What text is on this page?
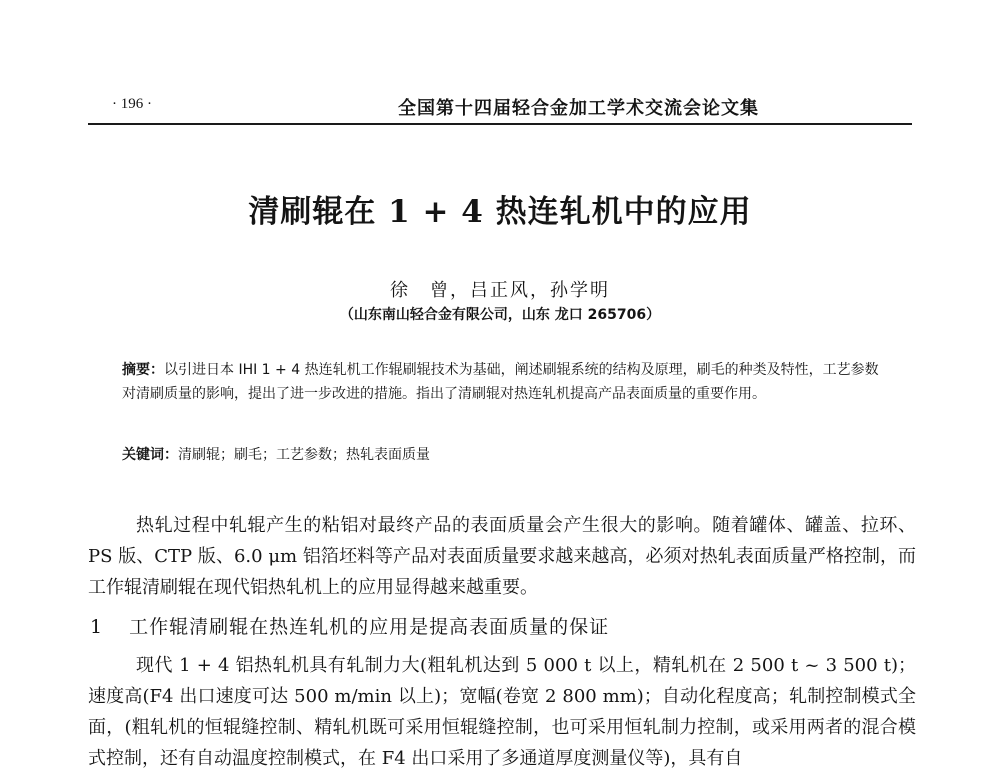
· 196 ·	全国第十四届轻合金加工学术交流会论文集
清刷辊在 1 + 4 热连轧机中的应用
徐　曾，吕正风，孙学明
（山东南山轻合金有限公司，山东 龙口 265706）
摘要：以引进日本 IHI 1 + 4 热连轧机工作辊刷辊技术为基础，阐述刷辊系统的结构及原理，刷毛的种类及特性，工艺参数对清刷质量的影响，提出了进一步改进的措施。指出了清刷辊对热连轧机提高产品表面质量的重要作用。
关键词：清刷辊；刷毛；工艺参数；热轧表面质量
热轧过程中轧辊产生的粘铝对最终产品的表面质量会产生很大的影响。随着罐体、罐盖、拉环、PS 版、CTP 版、6.0 μm 铝箔坯料等产品对表面质量要求越来越高，必须对热轧表面质量严格控制，而工作辊清刷辊在现代铝热轧机上的应用显得越来越重要。
1 工作辊清刷辊在热连轧机的应用是提高表面质量的保证
现代 1 + 4 铝热轧机具有轧制力大(粗轧机达到 5 000 t 以上，精轧机在 2 500 t ~ 3 500 t)；速度高(F4 出口速度可达 500 m/min 以上)；宽幅(卷宽 2 800 mm)；自动化程度高；轧制控制模式全面，(粗轧机的恒辊缝控制、精轧机既可采用恒辊缝控制，也可采用恒轧制力控制，或采用两者的混合模式控制，还有自动温度控制模式，在 F4 出口采用了多通道厚度测量仪等)，具有自
